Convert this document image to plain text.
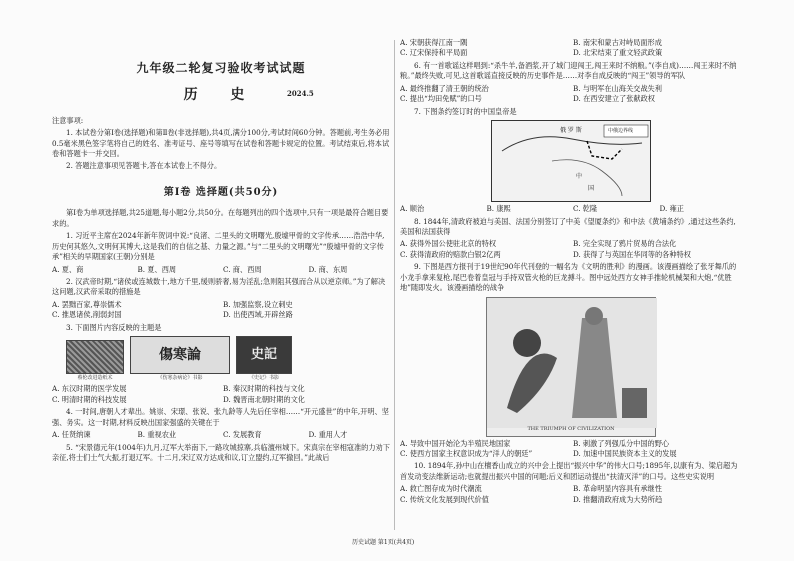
九年级二轮复习验收考试试题
历 史	2024.5

注意事项:

1. 本试卷分第Ⅰ卷(选择题)和第Ⅱ卷(非选择题),共4页,满分100分,考试时间60分钟。答题前,考生务必用0.5毫米黑色签字笔将自己的姓名、准考证号、座号等填写在试卷和答题卡规定的位置。考试结束后,将本试卷和答题卡一并交回。

2. 答题注意事项见答题卡,答在本试卷上不得分。

第Ⅰ卷 选择题(共50分)

第Ⅰ卷为单项选择题,共25道题,每小题2分,共50分。在每题列出的四个选项中,只有一项是最符合题目要求的。

1. 习近平主席在2024年新年贺词中说:“良渚、二里头的文明曙光,殷墟甲骨的文字传承……浩浩中华,历史何其悠久,文明何其博大,这是我们的自信之基、力量之源。”与“二里头的文明曙光”“殷墟甲骨的文字传承”相关的早期国家(王朝)分别是

A. 夏、商	B. 夏、西周	C. 商、西周	D. 商、东周

2. 汉武帝时期,“诸侯或连城数十,地方千里,缓则骄奢,易为淫乱;急则阻其强而合从以逆京师。”为了解决这问题,汉武帝采取的措施是

A. 罢黜百家,尊崇儒术	B. 加强监察,设立刺史
C. 推恩诸侯,削弱封国	D. 出使西域,开辟丝路

3. 下面图片内容反映的主题是

蔡伦改进造纸术
傷寒論
《伤寒杂病论》书影
史記
《史记》书影
A. 东汉时期的医学发展	B. 秦汉时期的科技与文化
C. 明清时期的科技发展	D. 魏晋南北朝时期的文化

4. 一时间,唐朝人才辈出。姚崇、宋璟、张说、张九龄等人先后任宰相……“开元盛世”的中年,开明、坚强、务实。这一时期,材料反映出国家强盛的关键在于

A. 任贤纳谏	B. 重视农业	C. 发展教育	D. 重用人才

5. “宋景德元年(1004年)九月,辽军大举南下,一路攻城掠寨,兵临澶州城下。宋真宗在宰相寇准的力劝下亲征,将士们士气大振,打退辽军。十二月,宋辽双方达成和议,订立盟约,辽军撤回。”此战后

A. 宋朝获得江南一隅	B. 南宋和蒙古对峙局面形成
C. 辽宋保持和平局面	D. 北宋结束了重文轻武政策

6. 有一首歌谣这样唱到:“杀牛羊,备酒浆,开了城门迎闯王,闯王来时不纳粮。”(李自成)……闯王来时不纳粮。”最终失败,可见,这首歌谣直接反映的历史事件是……对李自成反映的“闯王”领导的军队

A. 最终推翻了清王朝的统治	B. 与明军在山海关交战失利
C. 提出“均田免赋”的口号	D. 在西安建立了张献政权

7. 下图条约签订时的中国皇帝是

俄 罗 斯
中
国
中俄边界线
A. 顺治	B. 康熙	C. 乾隆	D. 雍正

8. 1844年,清政府被迫与美国、法国分别签订了中美《望厦条约》和中法《黄埔条约》,通过这些条约,美国和法国获得

A. 获得外国公使驻北京的特权	B. 完全实现了鸦片贸易的合法化
C. 获得清政府的赔款白银2亿两	D. 获得了与英国在华同等的各种特权

9. 下图是西方报刊于19世纪90年代刊登的一幅名为《文明的胜利》的漫画。该漫画描绘了张牙舞爪的小龙手拿来复枪,尾巴卷着皇冠与手持双管火枪的巨龙搏斗。图中远处西方女神手推轮机械架和大炮,“优胜地”随即发火。该漫画描绘的战争

THE TRIUMPH OF CIVILIZATION
A. 导致中国开始沦为半殖民地国家	B. 刺激了列强瓜分中国的野心
C. 使西方国家主权意识成为“洋人的朝廷”	D. 加速中国民族资本主义的发展

10. 1894年,孙中山在檀香山成立的兴中会上提出“振兴中华”的伟大口号;1895年,以康有为、梁启超为首发动变法维新运动;也就提出振兴中国的问题;后义和团运动提出“扶清灭洋”的口号。这些史实说明

A. 救亡图存成为时代潮流	B. 革命明显内容具有承继性
C. 传统文化发展到现代价值	D. 推翻清政府成为大势所趋
历史试题 第1页(共4页)
